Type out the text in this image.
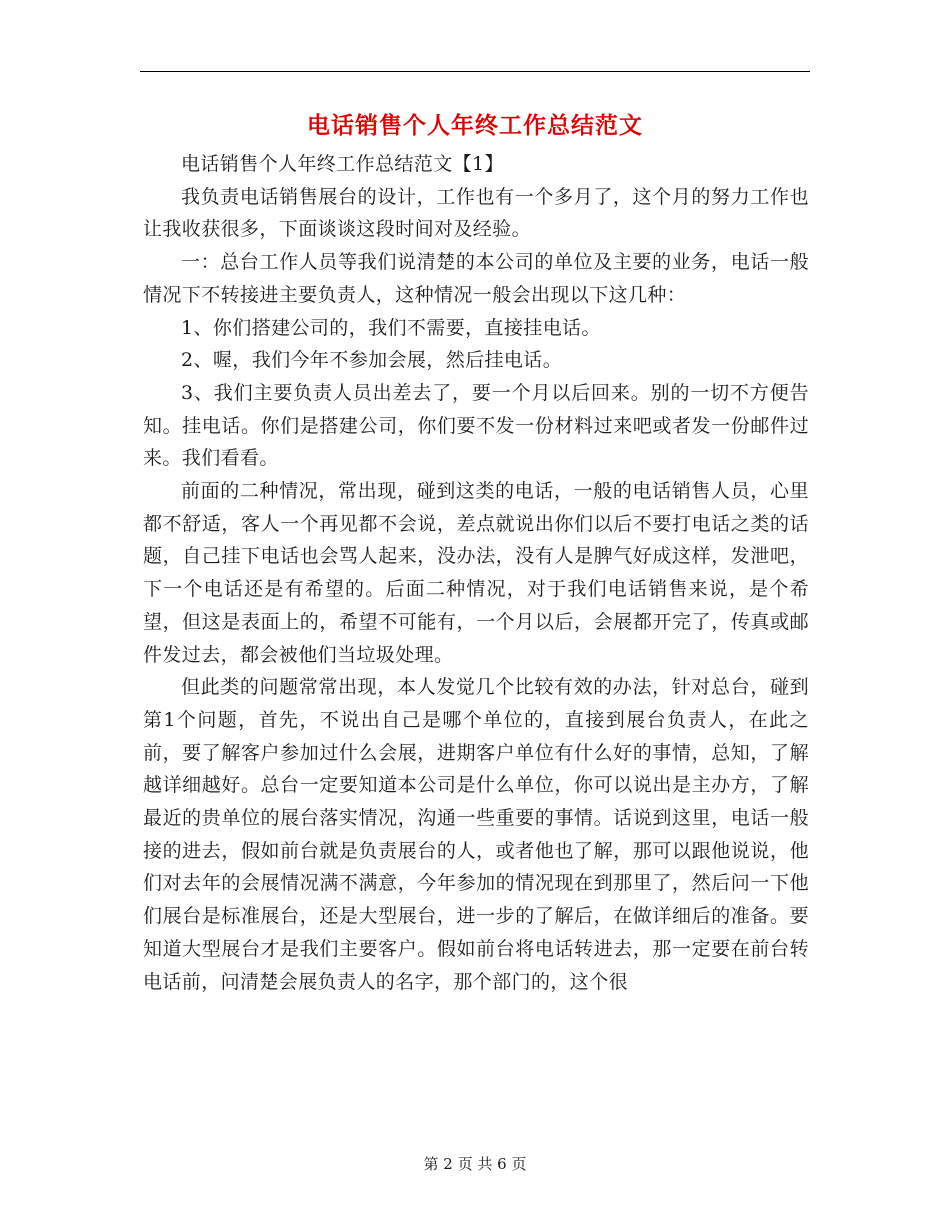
电话销售个人年终工作总结范文

电话销售个人年终工作总结范文【1】

我负责电话销售展台的设计，工作也有一个多月了，这个月的努力工作也让我收获很多，下面谈谈这段时间对及经验。

一：总台工作人员等我们说清楚的本公司的单位及主要的业务，电话一般情况下不转接进主要负责人，这种情况一般会出现以下这几种：

1、你们搭建公司的，我们不需要，直接挂电话。

2、喔，我们今年不参加会展，然后挂电话。

3、我们主要负责人员出差去了，要一个月以后回来。别的一切不方便告知。挂电话。你们是搭建公司，你们要不发一份材料过来吧或者发一份邮件过来。我们看看。

前面的二种情况，常出现，碰到这类的电话，一般的电话销售人员，心里都不舒适，客人一个再见都不会说，差点就说出你们以后不要打电话之类的话题，自己挂下电话也会骂人起来，没办法，没有人是脾气好成这样，发泄吧，下一个电话还是有希望的。后面二种情况，对于我们电话销售来说，是个希望，但这是表面上的，希望不可能有，一个月以后，会展都开完了，传真或邮件发过去，都会被他们当垃圾处理。

但此类的问题常常出现，本人发觉几个比较有效的办法，针对总台，碰到第1个问题，首先，不说出自己是哪个单位的，直接到展台负责人，在此之前，要了解客户参加过什么会展，进期客户单位有什么好的事情，总知，了解越详细越好。总台一定要知道本公司是什么单位，你可以说出是主办方，了解最近的贵单位的展台落实情况，沟通一些重要的事情。话说到这里，电话一般接的进去，假如前台就是负责展台的人，或者他也了解，那可以跟他说说，他们对去年的会展情况满不满意，今年参加的情况现在到那里了，然后问一下他们展台是标准展台，还是大型展台，进一步的了解后，在做详细后的准备。要知道大型展台才是我们主要客户。假如前台将电话转进去，那一定要在前台转电话前，问清楚会展负责人的名字，那个部门的，这个很

第 2 页 共 6 页
